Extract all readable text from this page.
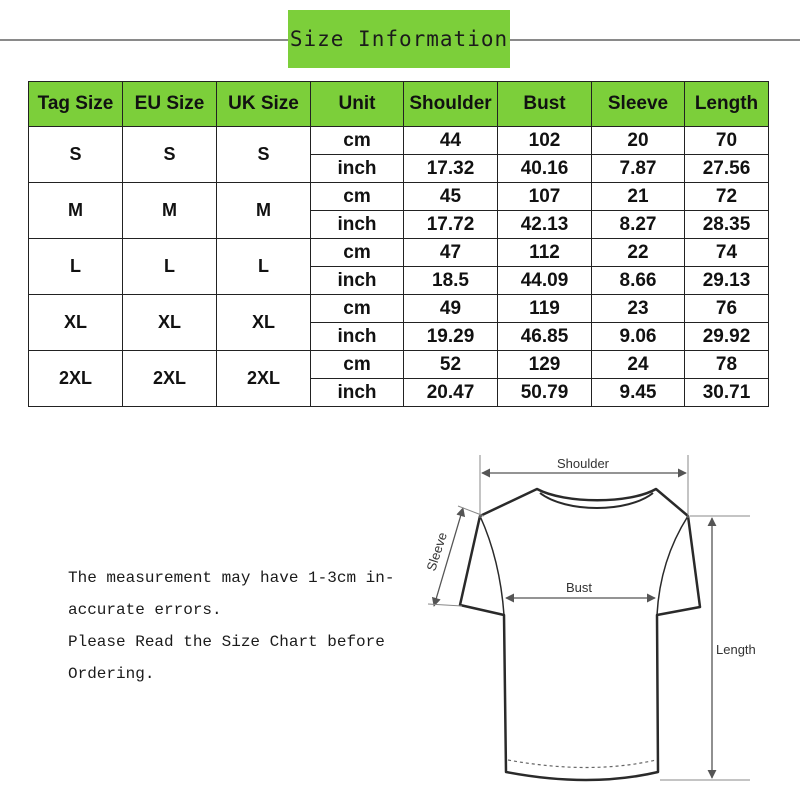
Size Information
Tag Size	EU Size	UK Size	Unit	Shoulder	Bust	Sleeve	Length
S	S	S	cm	44	102	20	70
			inch	17.32	40.16	7.87	27.56
M	M	M	cm	45	107	21	72
			inch	17.72	42.13	8.27	28.35
L	L	L	cm	47	112	22	74
			inch	18.5	44.09	8.66	29.13
XL	XL	XL	cm	49	119	23	76
			inch	19.29	46.85	9.06	29.92
2XL	2XL	2XL	cm	52	129	24	78
			inch	20.47	50.79	9.45	30.71
The measurement may have 1-3cm in-
accurate errors.
Please Read the Size Chart before
Ordering.
Shoulder
Sleeve
Bust
Length
